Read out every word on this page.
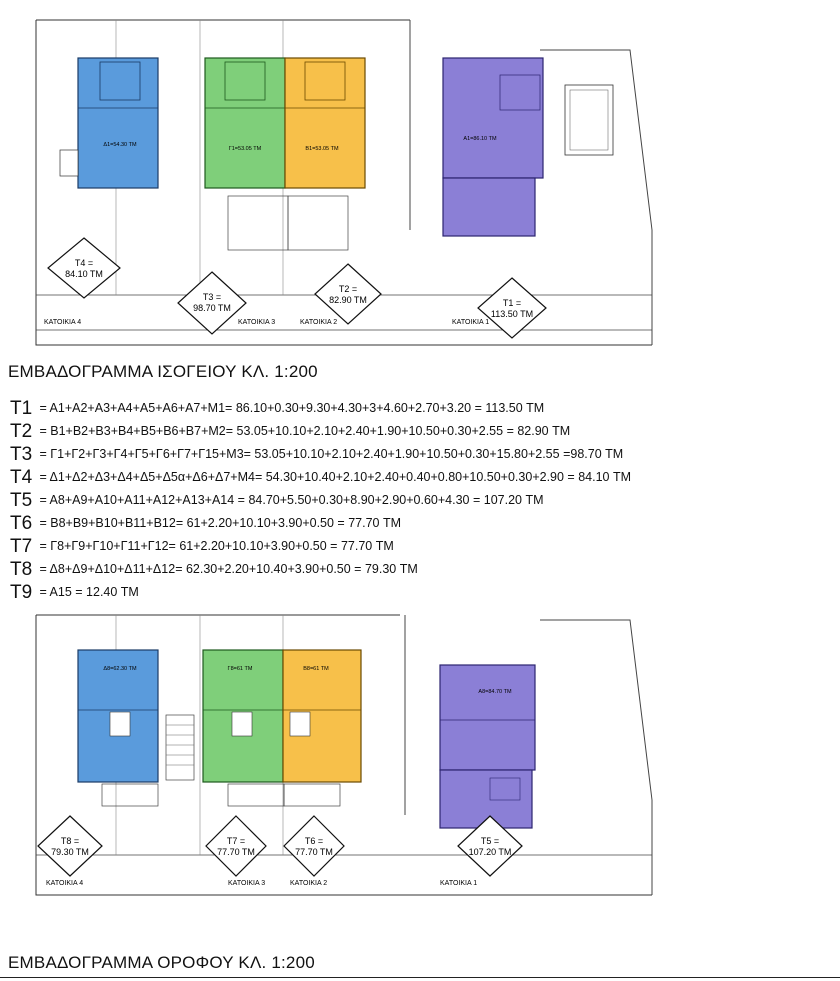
Δ1=54.30 TM
Γ1=53.05 TM	Β1=53.05 TM
Α1=86.10 TM
T4 =
84.10 TM
T3 =
98.70 TM
T2 =
82.90 TM	T1 =
113.50 TM
ΚΑΤΟΙΚΙΑ 4	ΚΑΤΟΙΚΙΑ 3	ΚΑΤΟΙΚΙΑ 2	ΚΑΤΟΙΚΙΑ 1
ΕΜΒΑΔΟΓΡΑΜΜΑ ΙΣΟΓΕΙΟΥ ΚΛ. 1:200
T1 = Α1+Α2+Α3+Α4+Α5+Α6+Α7+Μ1= 86.10+0.30+9.30+4.30+3+4.60+2.70+3.20 = 113.50 TM
T2 = Β1+Β2+Β3+Β4+Β5+Β6+Β7+Μ2= 53.05+10.10+2.10+2.40+1.90+10.50+0.30+2.55 = 82.90 TM
T3 = Γ1+Γ2+Γ3+Γ4+Γ5+Γ6+Γ7+Γ15+Μ3= 53.05+10.10+2.10+2.40+1.90+10.50+0.30+15.80+2.55 =98.70 TM
T4 = Δ1+Δ2+Δ3+Δ4+Δ5+Δ5α+Δ6+Δ7+Μ4= 54.30+10.40+2.10+2.40+0.40+0.80+10.50+0.30+2.90 = 84.10 TM
T5 = Α8+Α9+Α10+Α11+Α12+Α13+Α14 = 84.70+5.50+0.30+8.90+2.90+0.60+4.30 = 107.20 TM
T6 = Β8+Β9+Β10+Β11+Β12= 61+2.20+10.10+3.90+0.50 = 77.70 TM
T7 = Γ8+Γ9+Γ10+Γ11+Γ12= 61+2.20+10.10+3.90+0.50 = 77.70 TM
T8 = Δ8+Δ9+Δ10+Δ11+Δ12= 62.30+2.20+10.40+3.90+0.50 = 79.30 TM
T9 = Α15 = 12.40 TM
Δ8=62.30 TM	Γ8=61 TM	Β8=61 TM
Α8=84.70 TM
T8 =
79.30 TM
T7 =
77.70 TM
T6 =
77.70 TM
T5 =
107.20 TM
ΚΑΤΟΙΚΙΑ 4	ΚΑΤΟΙΚΙΑ 3	ΚΑΤΟΙΚΙΑ 2	ΚΑΤΟΙΚΙΑ 1
ΕΜΒΑΔΟΓΡΑΜΜΑ ΟΡΟΦΟΥ ΚΛ. 1:200
